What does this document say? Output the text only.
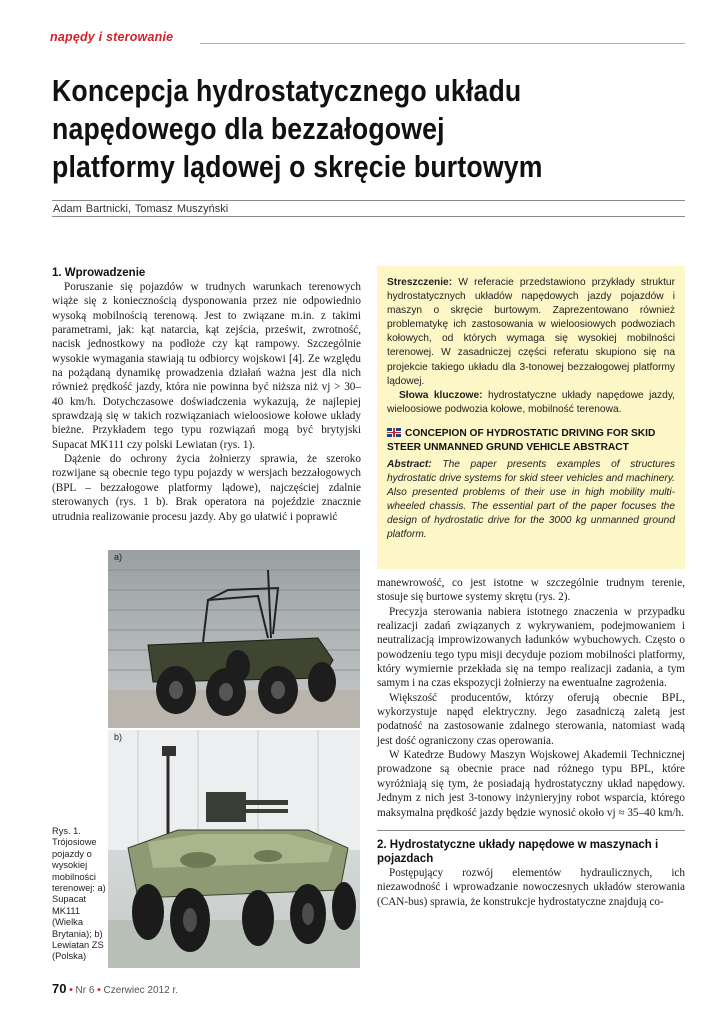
napędy i sterowanie
Koncepcja hydrostatycznego układu
napędowego dla bezzałogowej
platformy lądowej o skręcie burtowym
Adam Bartnicki, Tomasz Muszyński
1. Wprowadzenie

Poruszanie się pojazdów w trudnych warunkach terenowych wiąże się z koniecznością dysponowania przez nie odpowiednio wysoką mobilnością terenową. Jest to związane m.in. z takimi parametrami, jak: kąt natarcia, kąt zejścia, prześwit, zwrotność, nacisk jednostkowy na podłoże czy kąt rampowy. Szczególnie wysokie wymagania stawiają tu odbiorcy wojskowi [4]. Ze względu na pożądaną dynamikę prowadzenia działań ważna jest dla nich również prędkość jazdy, która nie powinna być niższa niż vj > 30–40 km/h. Dotychczasowe doświadczenia wykazują, że najlepiej sprawdzają się w takich rozwiązaniach wieloosiowe kołowe układy bieżne. Przykładem tego typu rozwiązań mogą być brytyjski Supacat MK111 czy polski Lewiatan (rys. 1).

Dążenie do ochrony życia żołnierzy sprawia, że szeroko rozwijane są obecnie tego typu pojazdy w wersjach bezzałogowych (BPL – bezzałogowe platformy lądowe), najczęściej zdalnie sterowanych (rys. 1 b). Brak operatora na pojeździe znacznie utrudnia realizowanie procesu jazdy. Aby go ułatwić i poprawić

Streszczenie: W referacie przedstawiono przykłady struktur hydrostatycznych układów napędowych jazdy pojazdów i maszyn o skręcie burtowym. Zaprezentowano również problematykę ich zastosowania w wieloosiowych podwoziach kołowych, od których wymaga się wysokiej mobilności terenowej. W zasadniczej części referatu skupiono się na projekcie takiego układu dla 3-tonowej bezzałogowej platformy lądowej.

Słowa kluczowe: hydrostatyczne układy napędowe jazdy, wieloosiowe podwozia kołowe, mobilność terenowa.

CONCEPION OF HYDROSTATIC DRIVING FOR SKID STEER UNMANNED GRUND VEHICLE ABSTRACT

Abstract: The paper presents examples of structures hydrostatic drive systems for skid steer vehicles and machinery. Also presented problems of their use in high mobility multi-wheeled chassis. The essential part of the paper focuses the design of hydrostatic drive for the 3000 kg unmanned ground platform.

a)
b)
Rys. 1. Trójosiowe pojazdy o wysokiej mobilności terenowej: a) Supacat MK111 (Wielka Brytania); b) Lewiatan ZS (Polska)

manewrowość, co jest istotne w szczególnie trudnym terenie, stosuje się burtowe systemy skrętu (rys. 2).

Precyzja sterowania nabiera istotnego znaczenia w przypadku realizacji zadań związanych z wykrywaniem, podejmowaniem i neutralizacją improwizowanych ładunków wybuchowych. Często o powodzeniu tego typu misji decyduje poziom mobilności platformy, który wymiernie przekłada się na tempo realizacji zadania, a tym samym i na czas ekspozycji żołnierzy na ewentualne zagrożenia.

Większość producentów, którzy oferują obecnie BPL, wykorzystuje napęd elektryczny. Jego zasadniczą zaletą jest podatność na zastosowanie zdalnego sterowania, natomiast wadą jest dość ograniczony czas operowania.

W Katedrze Budowy Maszyn Wojskowej Akademii Technicznej prowadzone są obecnie prace nad różnego typu BPL, które wyróżniają się tym, że posiadają hydrostatyczny układ napędowy. Jednym z nich jest 3-tonowy inżynieryjny robot wsparcia, którego maksymalna prędkość jazdy będzie wynosić około vj ≈ 35–40 km/h.

2. Hydrostatyczne układy napędowe w maszynach i pojazdach

Postępujący rozwój elementów hydraulicznych, ich niezawodność i wprowadzanie nowoczesnych układów sterowania (CAN-bus) sprawia, że konstrukcje hydrostatyczne znajdują co-

70 • Nr 6 • Czerwiec 2012 r.
